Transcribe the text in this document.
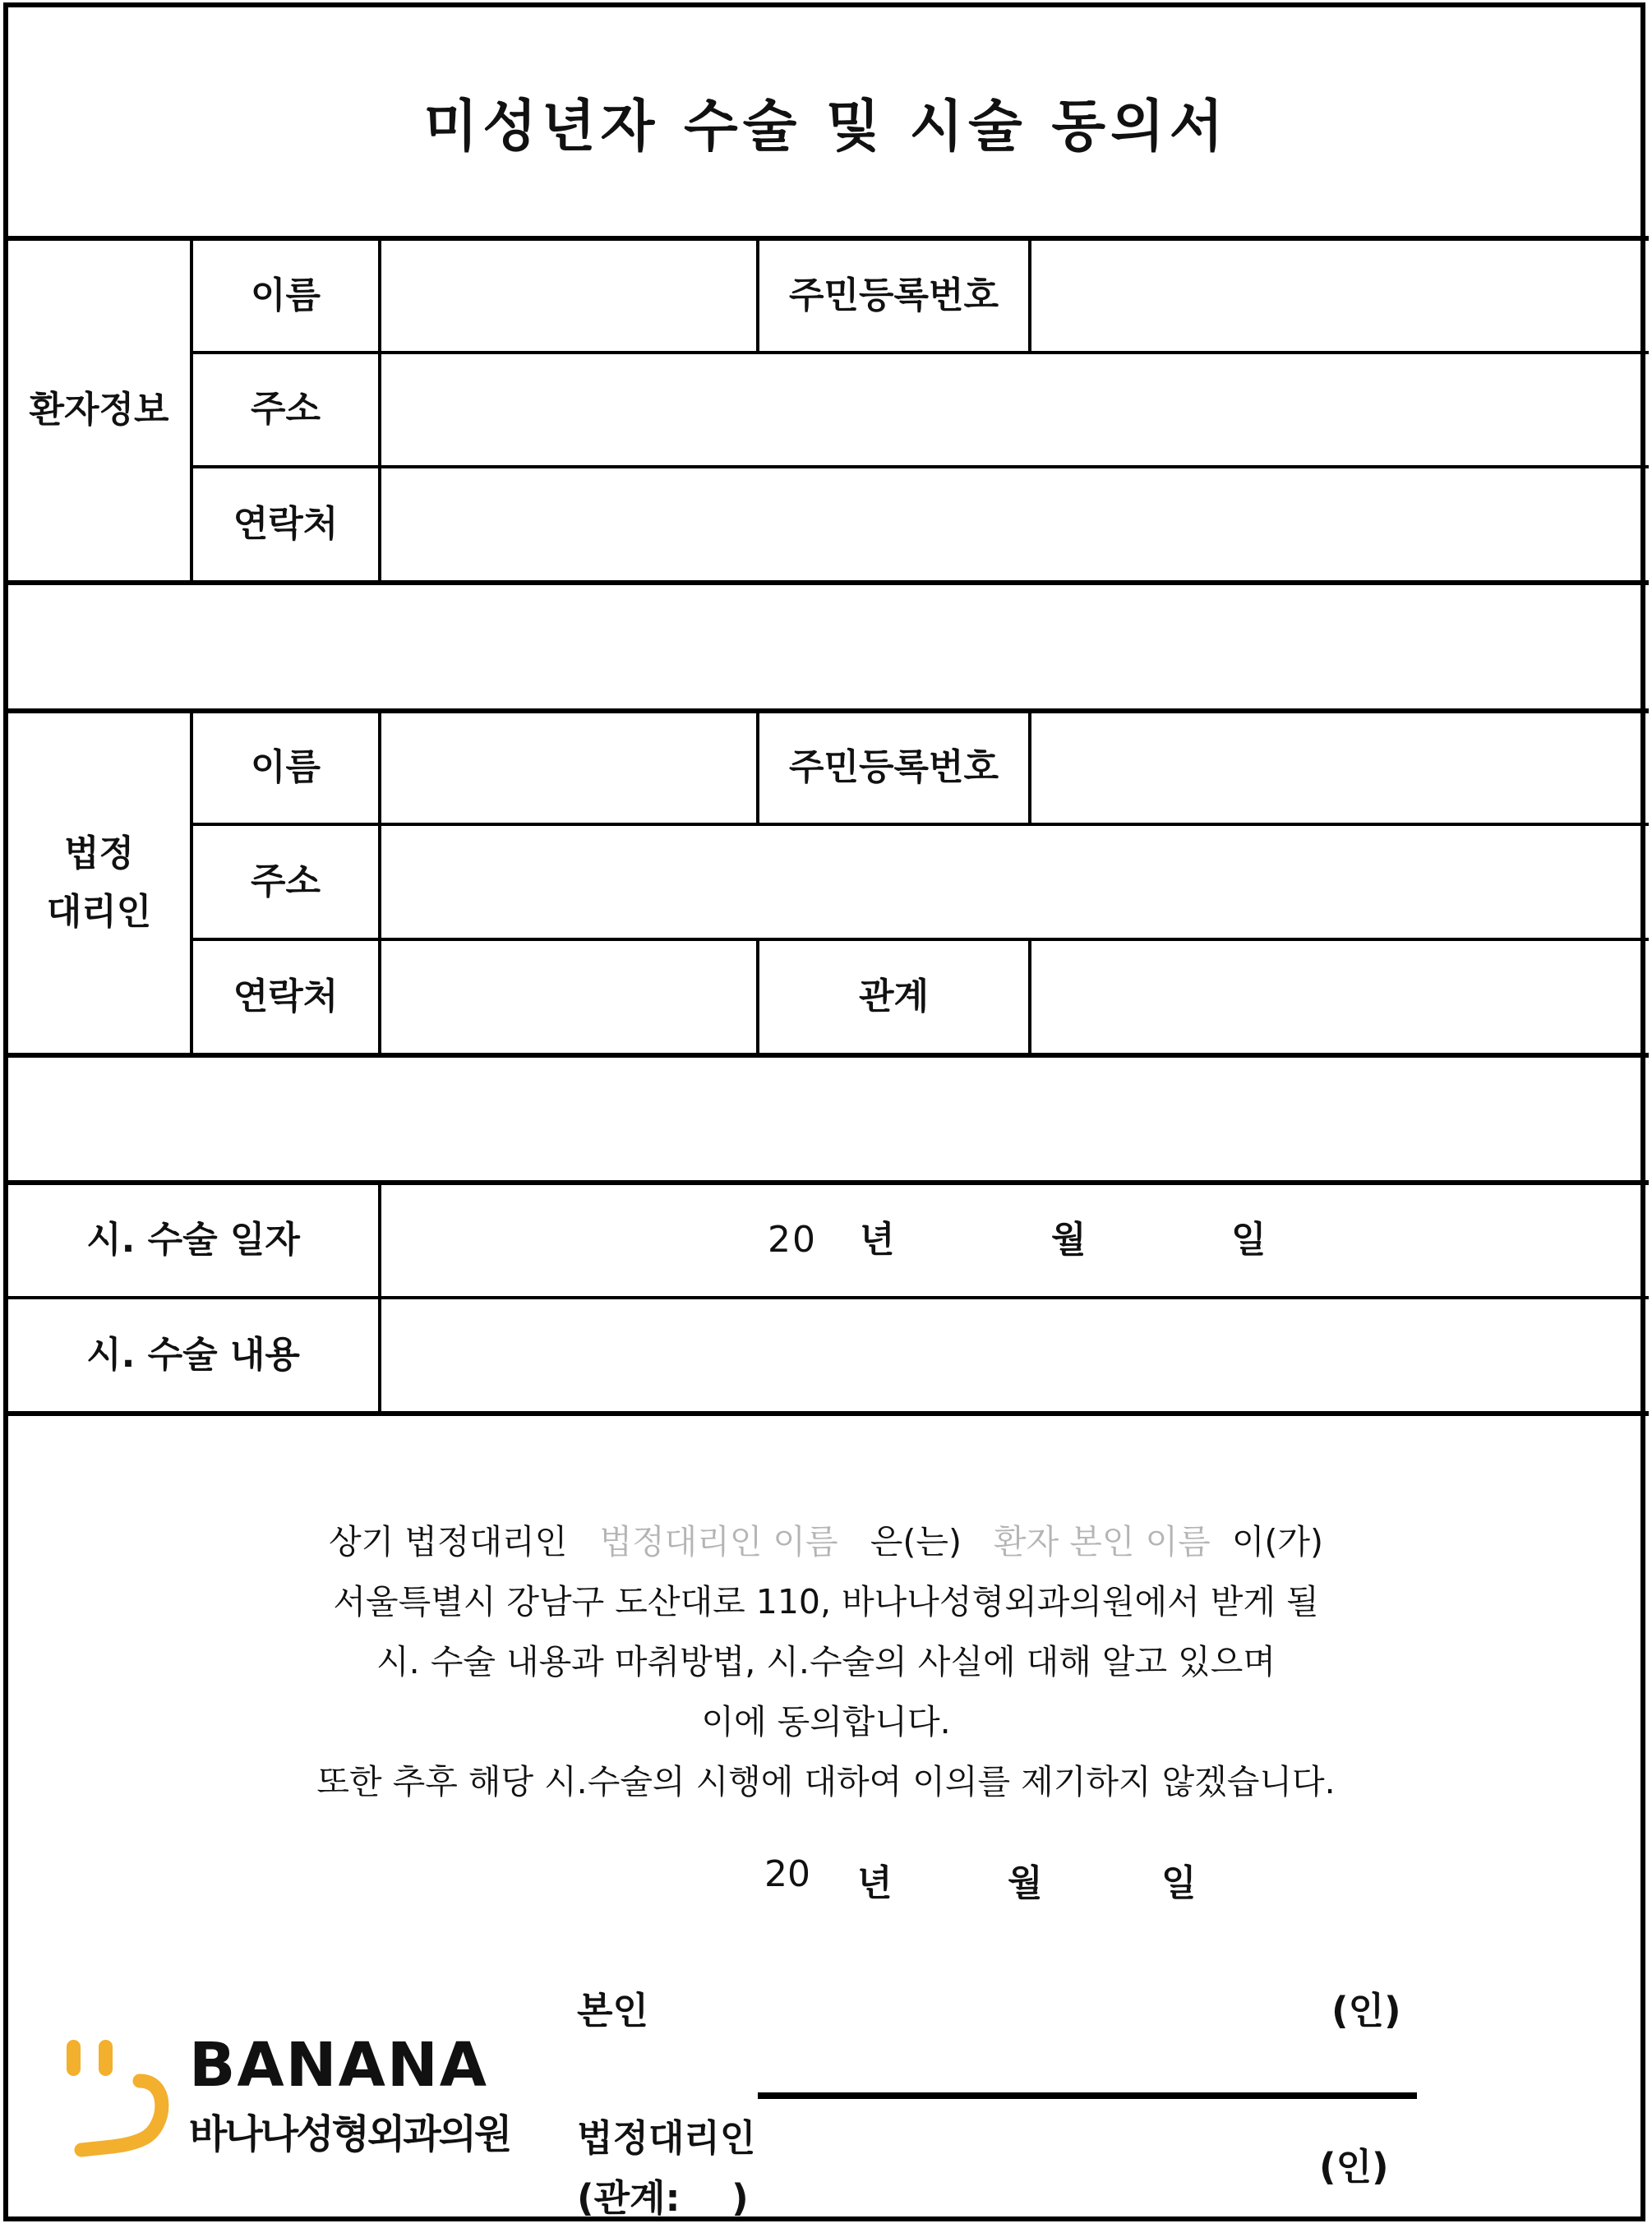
미성년자 수술 및 시술 동의서
환자정보
이름	주민등록번호
주소
연락처
법정
대리인
이름	주민등록번호
주소
연락처	관계
시. 수술 일자	20 년	월	일
시. 수술 내용
상기 법정대리인 법정대리인 이름 은(는) 환자 본인 이름 이(가)
서울특별시 강남구 도산대로 110, 바나나성형외과의원에서 받게 될
시. 수술 내용과 마취방법, 시.수술의 사실에 대해 알고 있으며
이에 동의합니다.
또한 추후 해당 시.수술의 시행에 대하여 이의를 제기하지 않겠습니다.
20 년	월	일
본인	(인)
법정대리인
(관계:    )
(인)
BANANA
바나나성형외과의원
